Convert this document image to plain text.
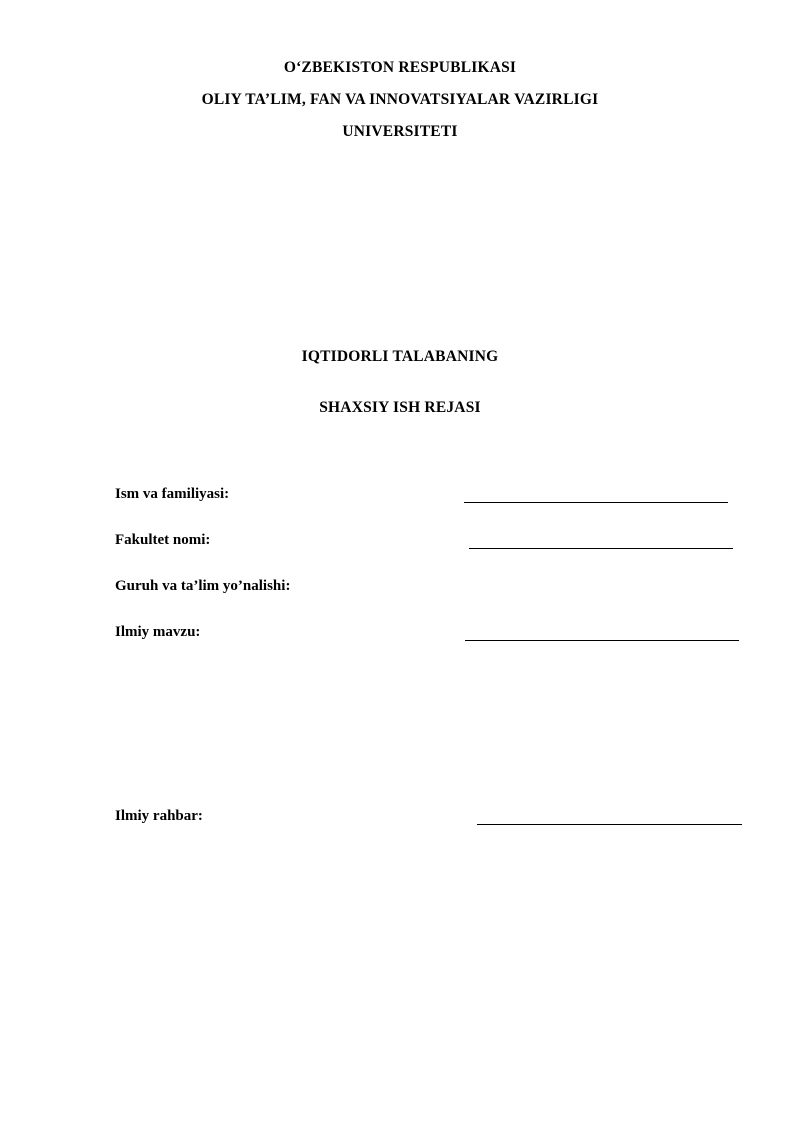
O‘ZBEKISTON RESPUBLIKASI
OLIY TA’LIM, FAN VA INNOVATSIYALAR VAZIRLIGI
UNIVERSITETI
IQTIDORLI TALABANING
SHAXSIY ISH REJASI
Ism va familiyasi:
Fakultet nomi:
Guruh va ta’lim yo’nalishi:
Ilmiy mavzu:
Ilmiy rahbar:
